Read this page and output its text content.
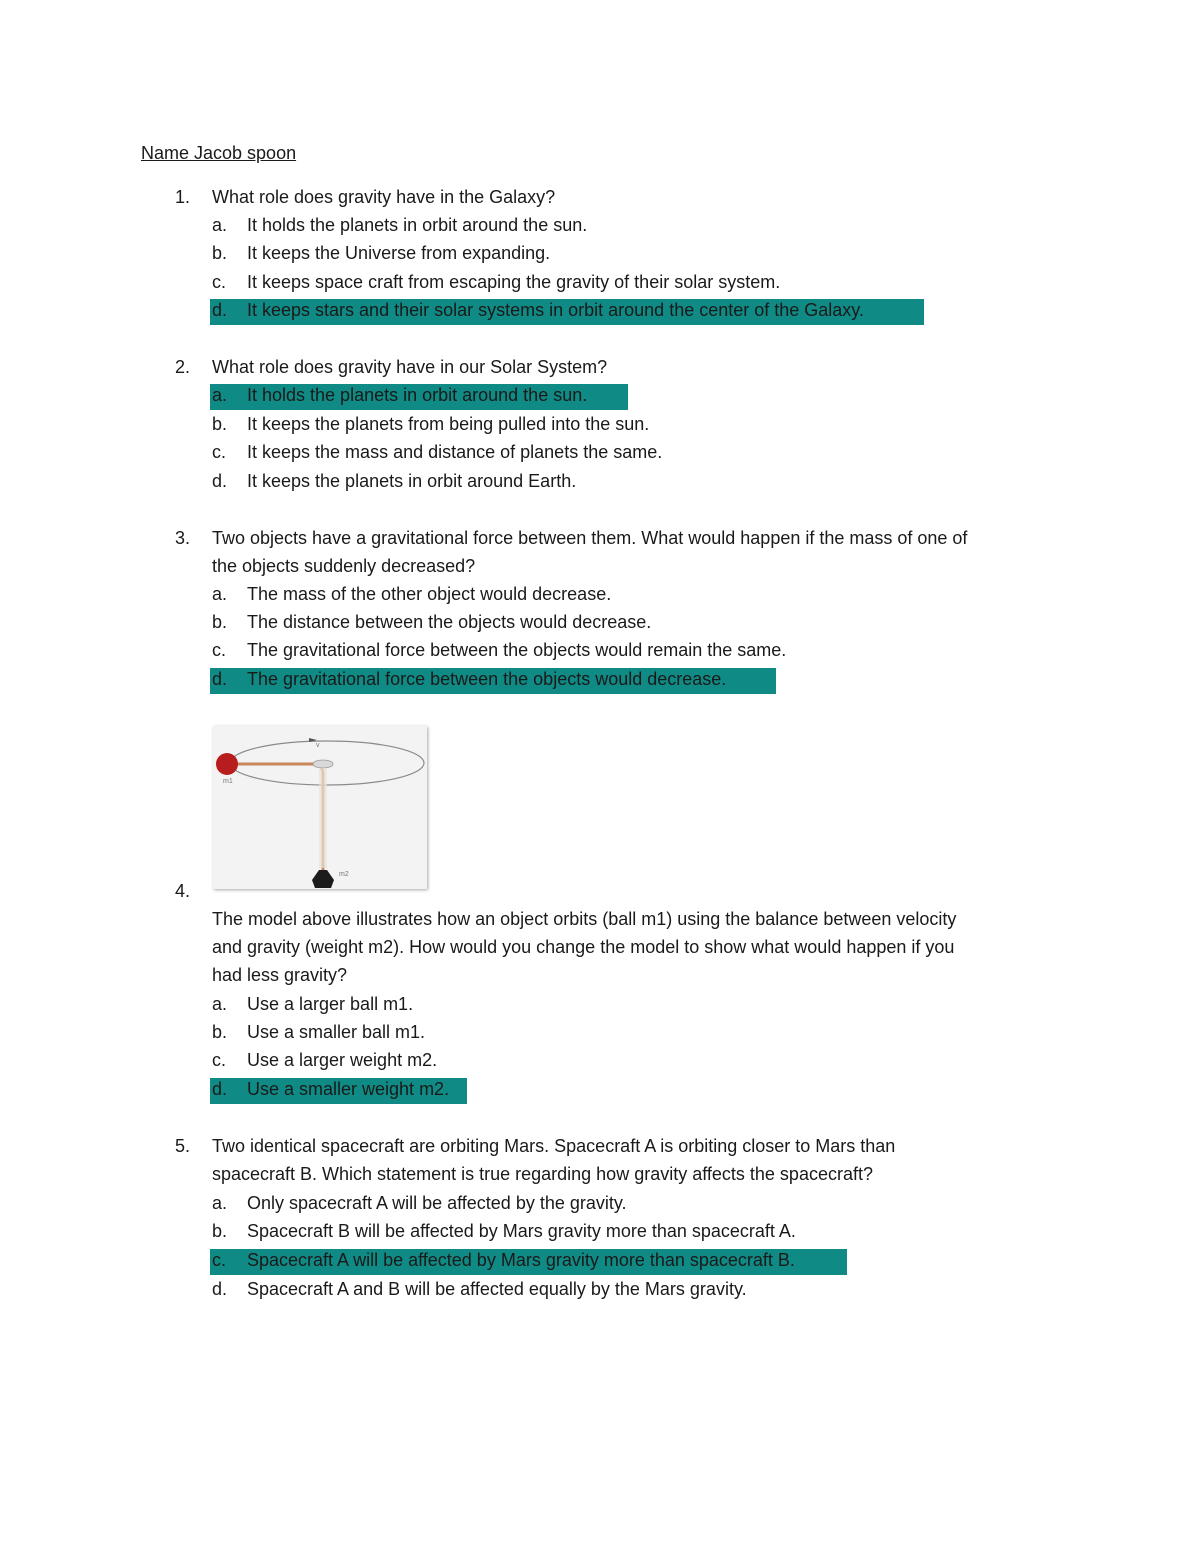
Name Jacob spoon
1. What role does gravity have in the Galaxy?
a. It holds the planets in orbit around the sun.
b. It keeps the Universe from expanding.
c. It keeps space craft from escaping the gravity of their solar system.
d. It keeps stars and their solar systems in orbit around the center of the Galaxy.
2. What role does gravity have in our Solar System?
a. It holds the planets in orbit around the sun.
b. It keeps the planets from being pulled into the sun.
c. It keeps the mass and distance of planets the same.
d. It keeps the planets in orbit around Earth.
3. Two objects have a gravitational force between them. What would happen if the mass of one of
the objects suddenly decreased?
a. The mass of the other object would decrease.
b. The distance between the objects would decrease.
c. The gravitational force between the objects would remain the same.
d. The gravitational force between the objects would decrease.
v
m1
m2
4.
The model above illustrates how an object orbits (ball m1) using the balance between velocity
and gravity (weight m2). How would you change the model to show what would happen if you
had less gravity?
a. Use a larger ball m1.
b. Use a smaller ball m1.
c. Use a larger weight m2.
d. Use a smaller weight m2.
5. Two identical spacecraft are orbiting Mars. Spacecraft A is orbiting closer to Mars than
spacecraft B. Which statement is true regarding how gravity affects the spacecraft?
a. Only spacecraft A will be affected by the gravity.
b. Spacecraft B will be affected by Mars gravity more than spacecraft A.
c. Spacecraft A will be affected by Mars gravity more than spacecraft B.
d. Spacecraft A and B will be affected equally by the Mars gravity.
